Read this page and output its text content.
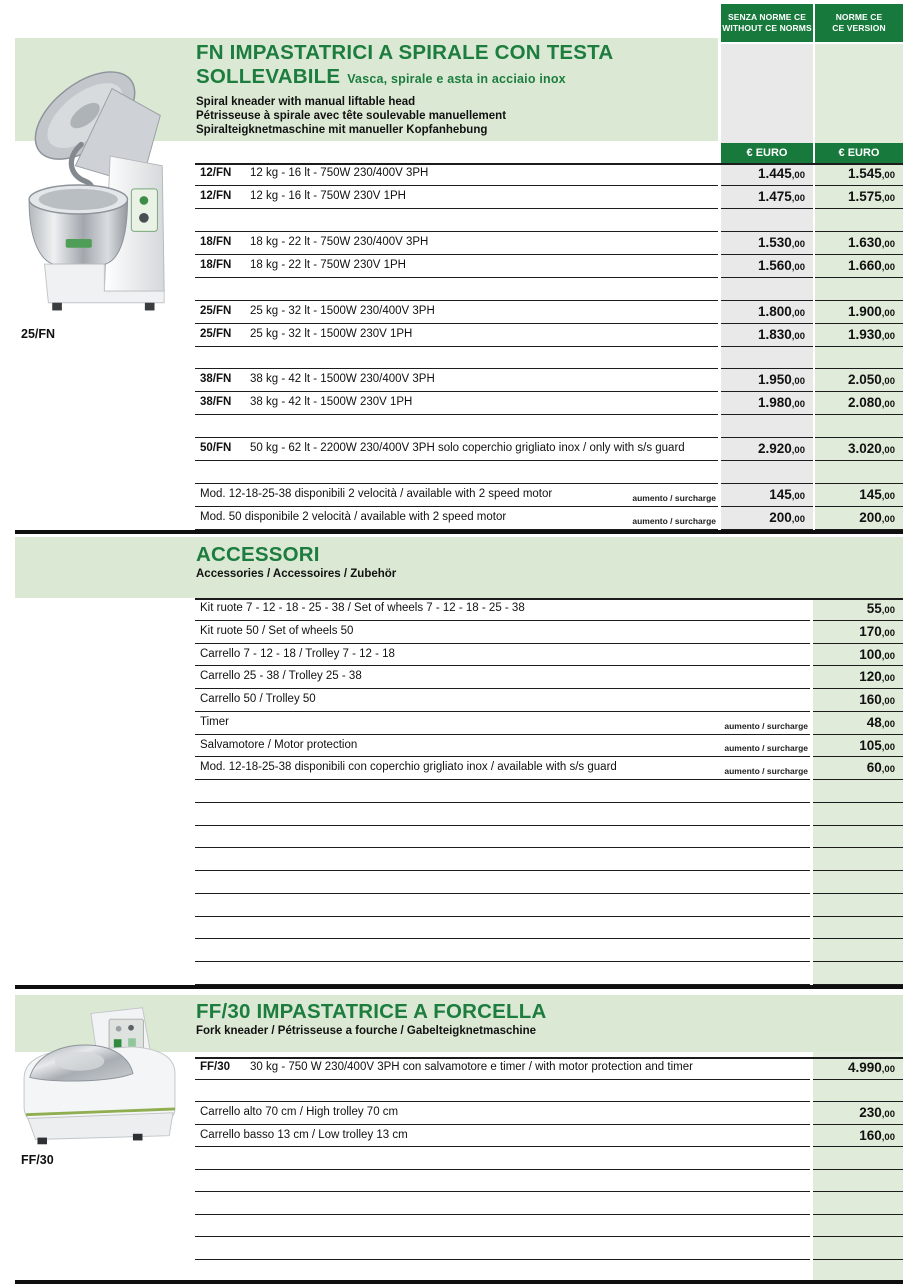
SENZA NORME CE
WITHOUT CE NORMS
NORME CE
CE VERSION
FN IMPASTATRICI A SPIRALE CON TESTA
SOLLEVABILE Vasca, spirale e asta in acciaio inox
Spiral kneader with manual liftable head
Pétrisseuse à spirale avec tête soulevable manuellement
Spiralteigknetmaschine mit manueller Kopfanhebung
25/FN
€ EURO	€ EURO
12/FN 12 kg - 16 lt - 750W 230/400V 3PH	1.445,00	1.545,00
12/FN 12 kg - 16 lt - 750W 230V 1PH	1.475,00	1.575,00
18/FN 18 kg - 22 lt - 750W 230/400V 3PH	1.530,00	1.630,00
18/FN 18 kg - 22 lt - 750W 230V 1PH	1.560,00	1.660,00
25/FN 25 kg - 32 lt - 1500W 230/400V 3PH	1.800,00	1.900,00
25/FN 25 kg - 32 lt - 1500W 230V 1PH	1.830,00	1.930,00
38/FN 38 kg - 42 lt - 1500W 230/400V 3PH	1.950,00	2.050,00
38/FN 38 kg - 42 lt - 1500W 230V 1PH	1.980,00	2.080,00
50/FN 50 kg - 62 lt - 2200W 230/400V 3PH solo coperchio grigliato inox / only with s/s guard	2.920,00	3.020,00
Mod. 12-18-25-38 disponibili 2 velocità / available with 2 speed motor	aumento / surcharge	145,00	145,00
Mod. 50 disponibile 2 velocità / available with 2 speed motor	aumento / surcharge	200,00	200,00
ACCESSORI
Accessories / Accessoires / Zubehör
Kit ruote 7 - 12 - 18 - 25 - 38 / Set of wheels 7 - 12 - 18 - 25 - 38	55,00
Kit ruote 50 / Set of wheels 50	170,00
Carrello 7 - 12 - 18 / Trolley 7 - 12 - 18	100,00
Carrello 25 - 38 / Trolley 25 - 38	120,00
Carrello 50 / Trolley 50	160,00
Timer	aumento / surcharge	48,00
Salvamotore / Motor protection	aumento / surcharge	105,00
Mod. 12-18-25-38 disponibili con coperchio grigliato inox / available with s/s guard	aumento / surcharge	60,00
FF/30 IMPASTATRICE A FORCELLA
Fork kneader / Pétrisseuse a fourche / Gabelteigknetmaschine
FF/30
FF/30 30 kg - 750 W 230/400V 3PH con salvamotore e timer / with motor protection and timer	4.990,00
Carrello alto 70 cm / High trolley 70 cm	230,00
Carrello basso 13 cm / Low trolley 13 cm	160,00
